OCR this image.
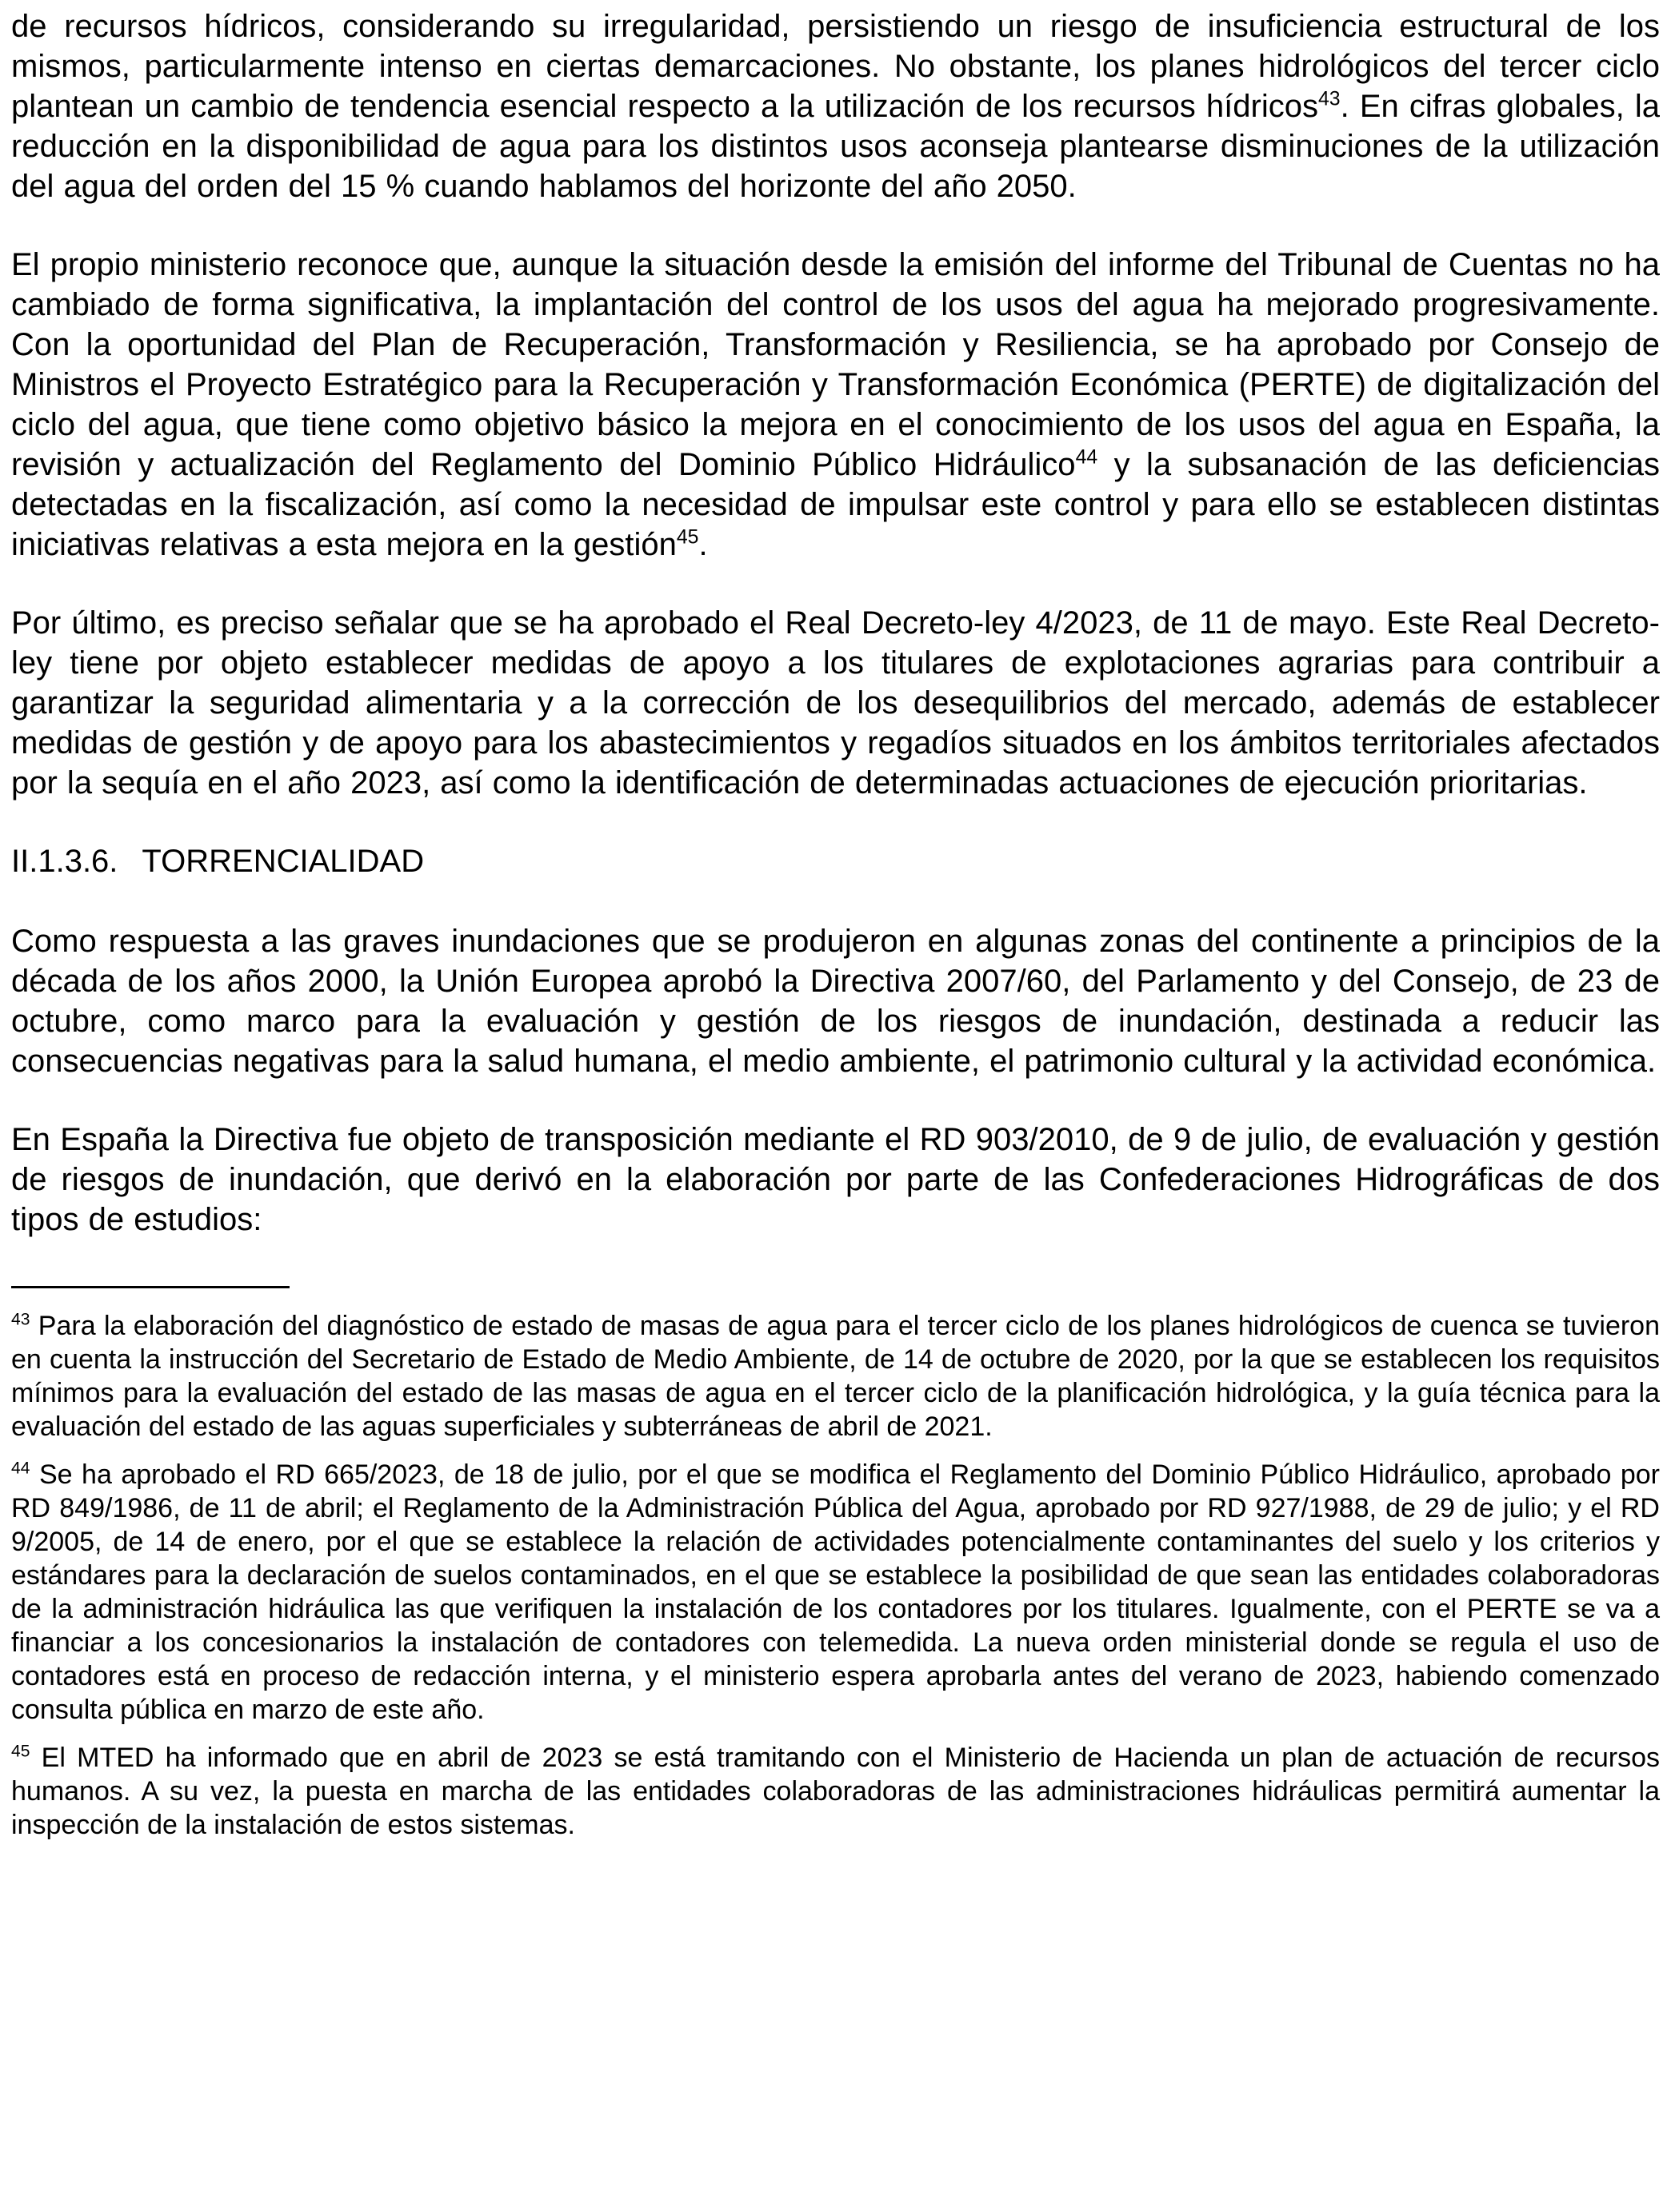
de recursos hídricos, considerando su irregularidad, persistiendo un riesgo de insuficiencia estructural de los mismos, particularmente intenso en ciertas demarcaciones. No obstante, los planes hidrológicos del tercer ciclo plantean un cambio de tendencia esencial respecto a la utilización de los recursos hídricos$^{43}$. En cifras globales, la reducción en la disponibilidad de agua para los distintos usos aconseja plantearse disminuciones de la utilización del agua del orden del 15 % cuando hablamos del horizonte del año 2050.

El propio ministerio reconoce que, aunque la situación desde la emisión del informe del Tribunal de Cuentas no ha cambiado de forma significativa, la implantación del control de los usos del agua ha mejorado progresivamente. Con la oportunidad del Plan de Recuperación, Transformación y Resiliencia, se ha aprobado por Consejo de Ministros el Proyecto Estratégico para la Recuperación y Transformación Económica (PERTE) de digitalización del ciclo del agua, que tiene como objetivo básico la mejora en el conocimiento de los usos del agua en España, la revisión y actualización del Reglamento del Dominio Público Hidráulico$^{44}$ y la subsanación de las deficiencias detectadas en la fiscalización, así como la necesidad de impulsar este control y para ello se establecen distintas iniciativas relativas a esta mejora en la gestión$^{45}$.

Por último, es preciso señalar que se ha aprobado el Real Decreto-ley 4/2023, de 11 de mayo. Este Real Decreto-ley tiene por objeto establecer medidas de apoyo a los titulares de explotaciones agrarias para contribuir a garantizar la seguridad alimentaria y a la corrección de los desequilibrios del mercado, además de establecer medidas de gestión y de apoyo para los abastecimientos y regadíos situados en los ámbitos territoriales afectados por la sequía en el año 2023, así como la identificación de determinadas actuaciones de ejecución prioritarias.

II.1.3.6. TORRENCIALIDAD

Como respuesta a las graves inundaciones que se produjeron en algunas zonas del continente a principios de la década de los años 2000, la Unión Europea aprobó la Directiva 2007/60, del Parlamento y del Consejo, de 23 de octubre, como marco para la evaluación y gestión de los riesgos de inundación, destinada a reducir las consecuencias negativas para la salud humana, el medio ambiente, el patrimonio cultural y la actividad económica.

En España la Directiva fue objeto de transposición mediante el RD 903/2010, de 9 de julio, de evaluación y gestión de riesgos de inundación, que derivó en la elaboración por parte de las Confederaciones Hidrográficas de dos tipos de estudios:

$^{43}$ Para la elaboración del diagnóstico de estado de masas de agua para el tercer ciclo de los planes hidrológicos de cuenca se tuvieron en cuenta la instrucción del Secretario de Estado de Medio Ambiente, de 14 de octubre de 2020, por la que se establecen los requisitos mínimos para la evaluación del estado de las masas de agua en el tercer ciclo de la planificación hidrológica, y la guía técnica para la evaluación del estado de las aguas superficiales y subterráneas de abril de 2021.

$^{44}$ Se ha aprobado el RD 665/2023, de 18 de julio, por el que se modifica el Reglamento del Dominio Público Hidráulico, aprobado por RD 849/1986, de 11 de abril; el Reglamento de la Administración Pública del Agua, aprobado por RD 927/1988, de 29 de julio; y el RD 9/2005, de 14 de enero, por el que se establece la relación de actividades potencialmente contaminantes del suelo y los criterios y estándares para la declaración de suelos contaminados, en el que se establece la posibilidad de que sean las entidades colaboradoras de la administración hidráulica las que verifiquen la instalación de los contadores por los titulares. Igualmente, con el PERTE se va a financiar a los concesionarios la instalación de contadores con telemedida. La nueva orden ministerial donde se regula el uso de contadores está en proceso de redacción interna, y el ministerio espera aprobarla antes del verano de 2023, habiendo comenzado consulta pública en marzo de este año.

$^{45}$ El MTED ha informado que en abril de 2023 se está tramitando con el Ministerio de Hacienda un plan de actuación de recursos humanos. A su vez, la puesta en marcha de las entidades colaboradoras de las administraciones hidráulicas permitirá aumentar la inspección de la instalación de estos sistemas.
